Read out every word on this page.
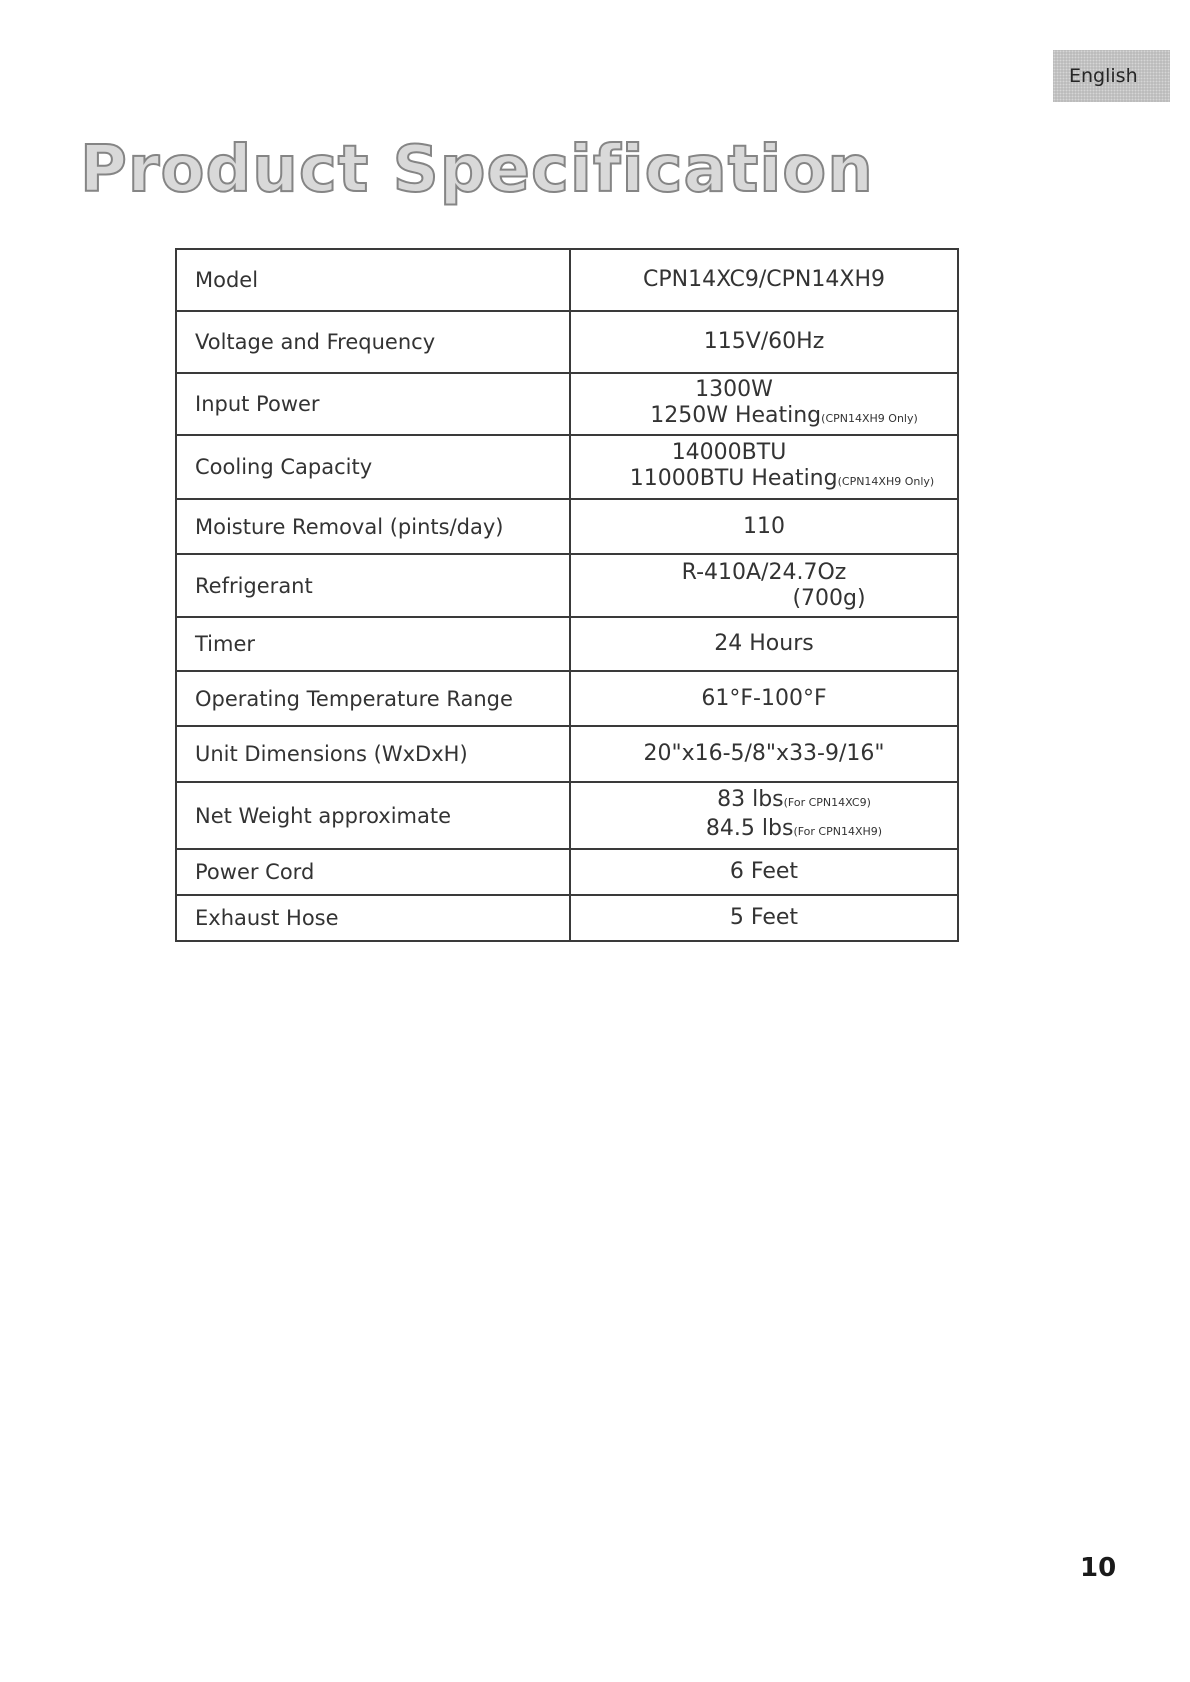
English
Product Specification
Model	CPN14XC9/CPN14XH9
Voltage and Frequency	115V/60Hz
Input Power	1300W
1250W Heating(CPN14XH9 Only)

Cooling Capacity	14000BTU
11000BTU Heating(CPN14XH9 Only)

Moisture Removal (pints/day)	110
Refrigerant	R-410A/24.7Oz
(700g)

Timer	24 Hours
Operating Temperature Range	61°F-100°F
Unit Dimensions (WxDxH)	20"x16-5/8"x33-9/16"
Net Weight approximate	83 lbs(For CPN14XC9)
84.5 lbs(For CPN14XH9)

Power Cord	6 Feet
Exhaust Hose	5 Feet
10
